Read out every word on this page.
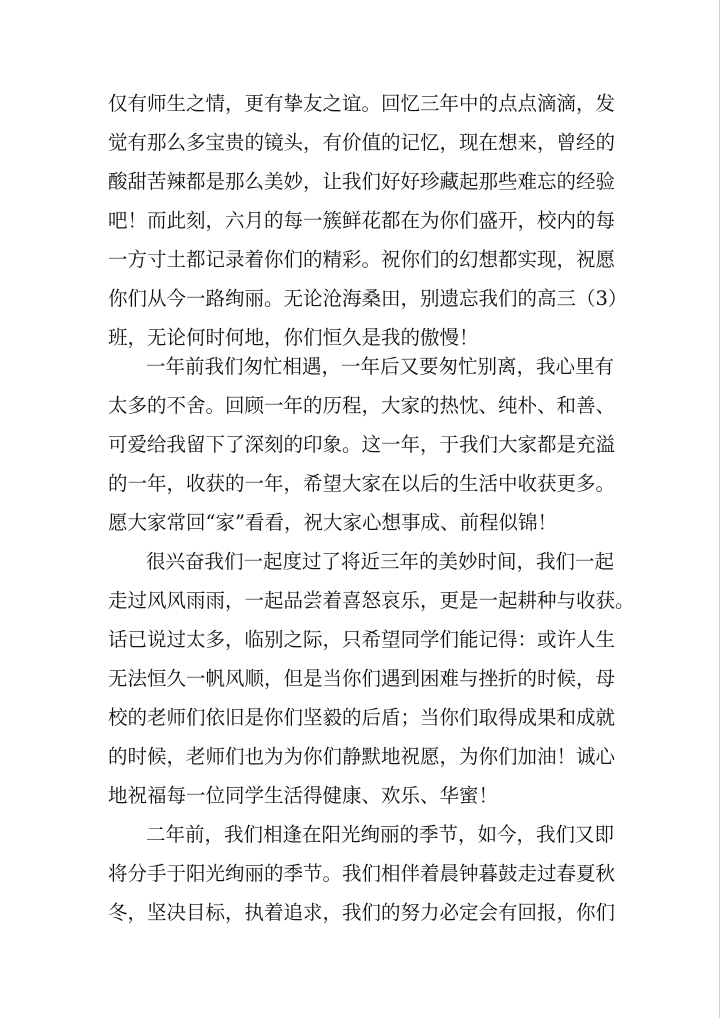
仅有师生之情，更有挚友之谊。回忆三年中的点点滴滴，发
觉有那么多宝贵的镜头，有价值的记忆，现在想来，曾经的
酸甜苦辣都是那么美妙，让我们好好珍藏起那些难忘的经验
吧！而此刻，六月的每一簇鲜花都在为你们盛开，校内的每
一方寸土都记录着你们的精彩。祝你们的幻想都实现，祝愿
你们从今一路绚丽。无论沧海桑田，别遗忘我们的高三（3）
班，无论何时何地，你们恒久是我的傲慢！
一年前我们匆忙相遇，一年后又要匆忙别离，我心里有
太多的不舍。回顾一年的历程，大家的热忱、纯朴、和善、
可爱给我留下了深刻的印象。这一年，于我们大家都是充溢
的一年，收获的一年，希望大家在以后的生活中收获更多。
愿大家常回“家”看看，祝大家心想事成、前程似锦！
很兴奋我们一起度过了将近三年的美妙时间，我们一起
走过风风雨雨，一起品尝着喜怒哀乐，更是一起耕种与收获。
话已说过太多，临别之际，只希望同学们能记得：或许人生
无法恒久一帆风顺，但是当你们遇到困难与挫折的时候，母
校的老师们依旧是你们坚毅的后盾；当你们取得成果和成就
的时候，老师们也为为你们静默地祝愿，为你们加油！诚心
地祝福每一位同学生活得健康、欢乐、华蜜！
二年前，我们相逢在阳光绚丽的季节，如今，我们又即
将分手于阳光绚丽的季节。我们相伴着晨钟暮鼓走过春夏秋
冬，坚决目标，执着追求，我们的努力必定会有回报，你们
